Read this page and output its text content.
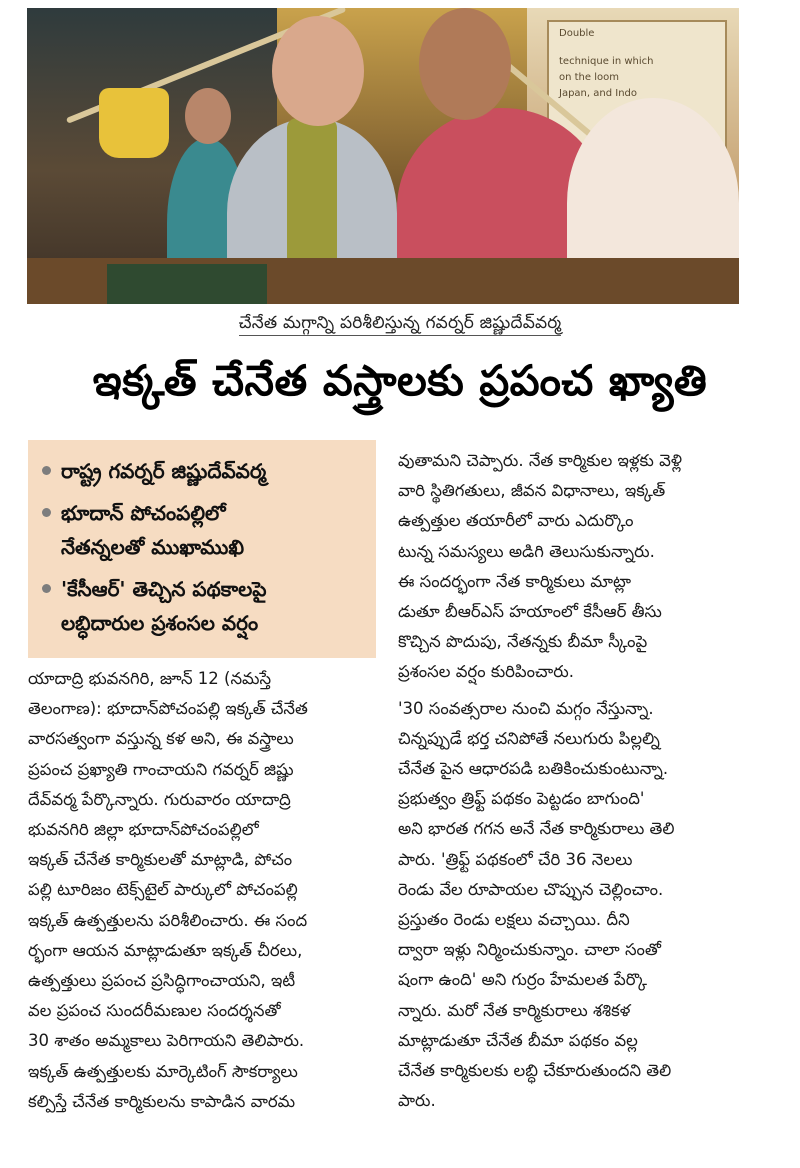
Double
technique in which
on the loom
Japan, and Indo
చేనేత మగ్గాన్ని పరిశీలిస్తున్న గవర్నర్ జిష్ణుదేవ్‌వర్మ
ఇక్కత్ చేనేత వస్త్రాలకు ప్రపంచ ఖ్యాతి
రాష్ట్ర గవర్నర్ జిష్ణుదేవ్‌వర్మ
భూదాన్ పోచంపల్లిలో
నేతన్నలతో ముఖాముఖి
'కేసీఆర్' తెచ్చిన పథకాలపై
లబ్ధిదారుల ప్రశంసల వర్షం
యాదాద్రి భువనగిరి, జూన్ 12 (నమస్తే
తెలంగాణ): భూదాన్‌పోచంపల్లి ఇక్కత్ చేనేత
వారసత్వంగా వస్తున్న కళ అని, ఈ వస్త్రాలు
ప్రపంచ ప్రఖ్యాతి గాంచాయని గవర్నర్ జిష్ణు
దేవ్‌వర్మ పేర్కొన్నారు. గురువారం యాదాద్రి
భువనగిరి జిల్లా భూదాన్‌పోచంపల్లిలో
ఇక్కత్ చేనేత కార్మికులతో మాట్లాడి, పోచం
పల్లి టూరిజం టెక్స్‌టైల్ పార్కులో పోచంపల్లి
ఇక్కత్ ఉత్పత్తులను పరిశీలించారు. ఈ సంద
ర్భంగా ఆయన మాట్లాడుతూ ఇక్కత్ చీరలు,
ఉత్పత్తులు ప్రపంచ ప్రసిద్ధిగాంచాయని, ఇటీ
వల ప్రపంచ సుందరీమణుల సందర్శనతో
30 శాతం అమ్మకాలు పెరిగాయని తెలిపారు.
ఇక్కత్ ఉత్పత్తులకు మార్కెటింగ్ సౌకర్యాలు
కల్పిస్తే చేనేత కార్మికులను కాపాడిన వారమ
వుతామని చెప్పారు. నేత కార్మికుల ఇళ్లకు వెళ్లి
వారి స్థితిగతులు, జీవన విధానాలు, ఇక్కత్
ఉత్పత్తుల తయారీలో వారు ఎదుర్కొం
టున్న సమస్యలు అడిగి తెలుసుకున్నారు.
ఈ సందర్భంగా నేత కార్మికులు మాట్లా
డుతూ బీఆర్‌ఎస్ హయాంలో కేసీఆర్ తీసు
కొచ్చిన పొదుపు, నేతన్నకు బీమా స్కీంపై
ప్రశంసల వర్షం కురిపించారు.
'30 సంవత్సరాల నుంచి మగ్గం నేస్తున్నా.
చిన్నప్పుడే భర్త చనిపోతే నలుగురు పిల్లల్ని
చేనేత పైన ఆధారపడి బతికించుకుంటున్నా.
ప్రభుత్వం త్రిఫ్ట్ పథకం పెట్టడం బాగుంది'
అని భారత గగన అనే నేత కార్మికురాలు తెలి
పారు. 'త్రిఫ్ట్ పథకంలో చేరి 36 నెలలు
రెండు వేల రూపాయల చొప్పున చెల్లించాం.
ప్రస్తుతం రెండు లక్షలు వచ్చాయి. దీని
ద్వారా ఇళ్లు నిర్మించుకున్నాం. చాలా సంతో
షంగా ఉంది' అని గుర్రం హేమలత పేర్కొ
న్నారు. మరో నేత కార్మికురాలు శశికళ
మాట్లాడుతూ చేనేత బీమా పథకం వల్ల
చేనేత కార్మికులకు లబ్ధి చేకూరుతుందని తెలి
పారు.
